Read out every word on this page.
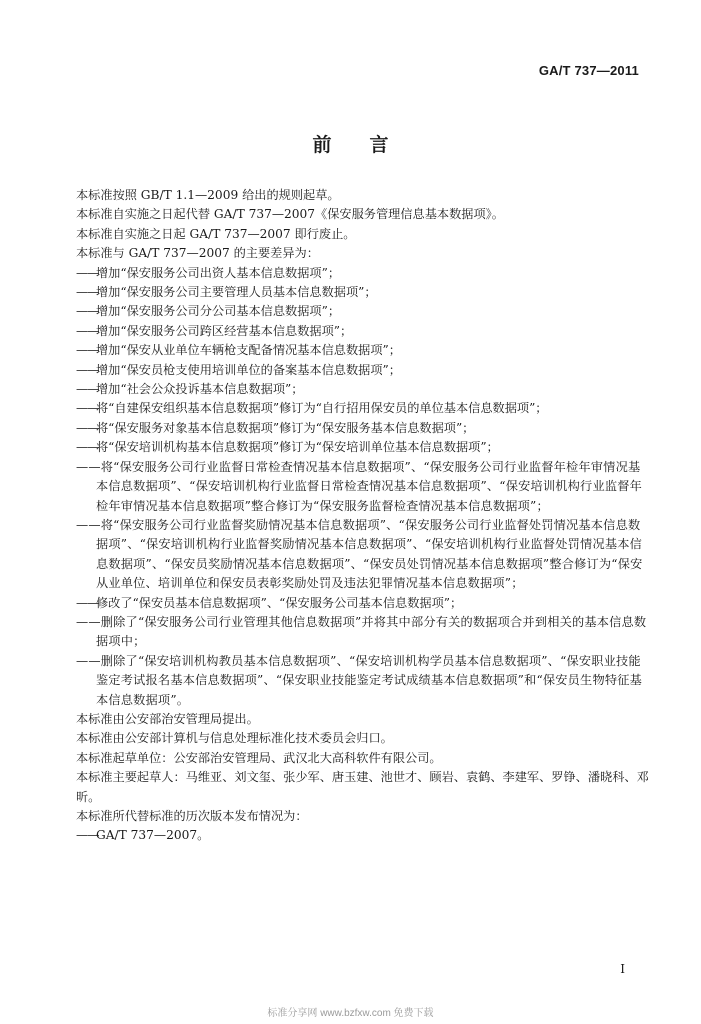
GA/T 737—2011
前言

本标准按照 GB/T 1.1—2009 给出的规则起草。

本标准自实施之日起代替 GA/T 737—2007《保安服务管理信息基本数据项》。

本标准自实施之日起 GA/T 737—2007 即行废止。

本标准与 GA/T 737—2007 的主要差异为：

——增加“保安服务公司出资人基本信息数据项”；

——增加“保安服务公司主要管理人员基本信息数据项”；

——增加“保安服务公司分公司基本信息数据项”；

——增加“保安服务公司跨区经营基本信息数据项”；

——增加“保安从业单位车辆枪支配备情况基本信息数据项”；

——增加“保安员枪支使用培训单位的备案基本信息数据项”；

——增加“社会公众投诉基本信息数据项”；

——将“自建保安组织基本信息数据项”修订为“自行招用保安员的单位基本信息数据项”；

——将“保安服务对象基本信息数据项”修订为“保安服务基本信息数据项”；

——将“保安培训机构基本信息数据项”修订为“保安培训单位基本信息数据项”；

——将“保安服务公司行业监督日常检查情况基本信息数据项”、“保安服务公司行业监督年检年审情况基本信息数据项”、“保安培训机构行业监督日常检查情况基本信息数据项”、“保安培训机构行业监督年检年审情况基本信息数据项”整合修订为“保安服务监督检查情况基本信息数据项”；

——将“保安服务公司行业监督奖励情况基本信息数据项”、“保安服务公司行业监督处罚情况基本信息数据项”、“保安培训机构行业监督奖励情况基本信息数据项”、“保安培训机构行业监督处罚情况基本信息数据项”、“保安员奖励情况基本信息数据项”、“保安员处罚情况基本信息数据项”整合修订为“保安从业单位、培训单位和保安员表彰奖励处罚及违法犯罪情况基本信息数据项”；

——修改了“保安员基本信息数据项”、“保安服务公司基本信息数据项”；

——删除了“保安服务公司行业管理其他信息数据项”并将其中部分有关的数据项合并到相关的基本信息数据项中；

——删除了“保安培训机构教员基本信息数据项”、“保安培训机构学员基本信息数据项”、“保安职业技能鉴定考试报名基本信息数据项”、“保安职业技能鉴定考试成绩基本信息数据项”和“保安员生物特征基本信息数据项”。

本标准由公安部治安管理局提出。

本标准由公安部计算机与信息处理标准化技术委员会归口。

本标准起草单位：公安部治安管理局、武汉北大高科软件有限公司。

本标准主要起草人：马维亚、刘文玺、张少军、唐玉建、池世才、顾岩、袁鹤、李建军、罗铮、潘晓科、邓昕。

本标准所代替标准的历次版本发布情况为：

——GA/T 737—2007。

I
标准分享网 www.bzfxw.com 免费下载
